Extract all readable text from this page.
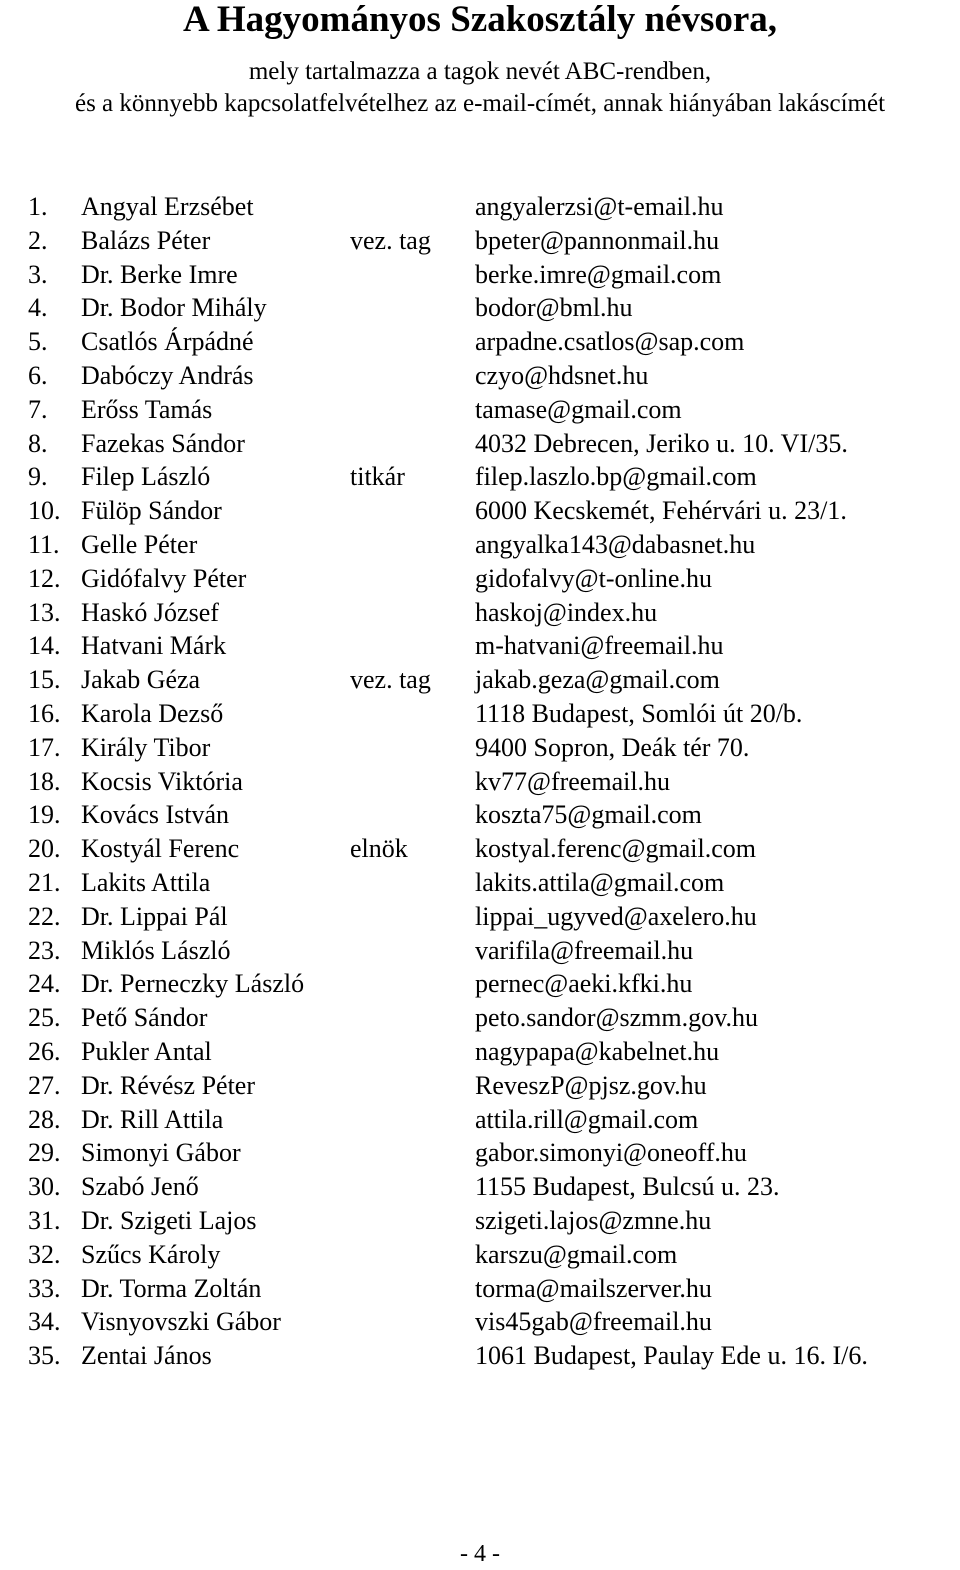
A Hagyományos Szakosztály névsora,

mely tartalmazza a tagok nevét ABC-rendben,

és a könnyebb kapcsolatfelvételhez az e-mail-címét, annak hiányában lakáscímét

1. Angyal Erzsébet	angyalerzsi@t-email.hu
2. Balázs Péter	vez. tag bpeter@pannonmail.hu
3. Dr. Berke Imre	berke.imre@gmail.com
4. Dr. Bodor Mihály	bodor@bml.hu
5. Csatlós Árpádné	arpadne.csatlos@sap.com
6. Dabóczy András	czyo@hdsnet.hu
7. Erőss Tamás	tamase@gmail.com
8. Fazekas Sándor	4032 Debrecen, Jeriko u. 10. VI/35.
9. Filep László	titkár	filep.laszlo.bp@gmail.com
10. Fülöp Sándor	6000 Kecskemét, Fehérvári u. 23/1.
11. Gelle Péter	angyalka143@dabasnet.hu
12. Gidófalvy Péter	gidofalvy@t-online.hu
13. Haskó József	haskoj@index.hu
14. Hatvani Márk	m-hatvani@freemail.hu
15. Jakab Géza	vez. tag jakab.geza@gmail.com
16. Karola Dezső	1118 Budapest, Somlói út 20/b.
17. Király Tibor	9400 Sopron, Deák tér 70.
18. Kocsis Viktória	kv77@freemail.hu
19. Kovács István	koszta75@gmail.com
20. Kostyál Ferenc	elnök	kostyal.ferenc@gmail.com
21. Lakits Attila	lakits.attila@gmail.com
22. Dr. Lippai Pál	lippai_ugyved@axelero.hu
23. Miklós László	varifila@freemail.hu
24. Dr. Perneczky László	pernec@aeki.kfki.hu
25. Pető Sándor	peto.sandor@szmm.gov.hu
26. Pukler Antal	nagypapa@kabelnet.hu
27. Dr. Révész Péter	ReveszP@pjsz.gov.hu
28. Dr. Rill Attila	attila.rill@gmail.com
29. Simonyi Gábor	gabor.simonyi@oneoff.hu
30. Szabó Jenő	1155 Budapest, Bulcsú u. 23.
31. Dr. Szigeti Lajos	szigeti.lajos@zmne.hu
32. Szűcs Károly	karszu@gmail.com
33. Dr. Torma Zoltán	torma@mailszerver.hu
34. Visnyovszki Gábor	vis45gab@freemail.hu
35. Zentai János	1061 Budapest, Paulay Ede u. 16. I/6.
- 4 -
